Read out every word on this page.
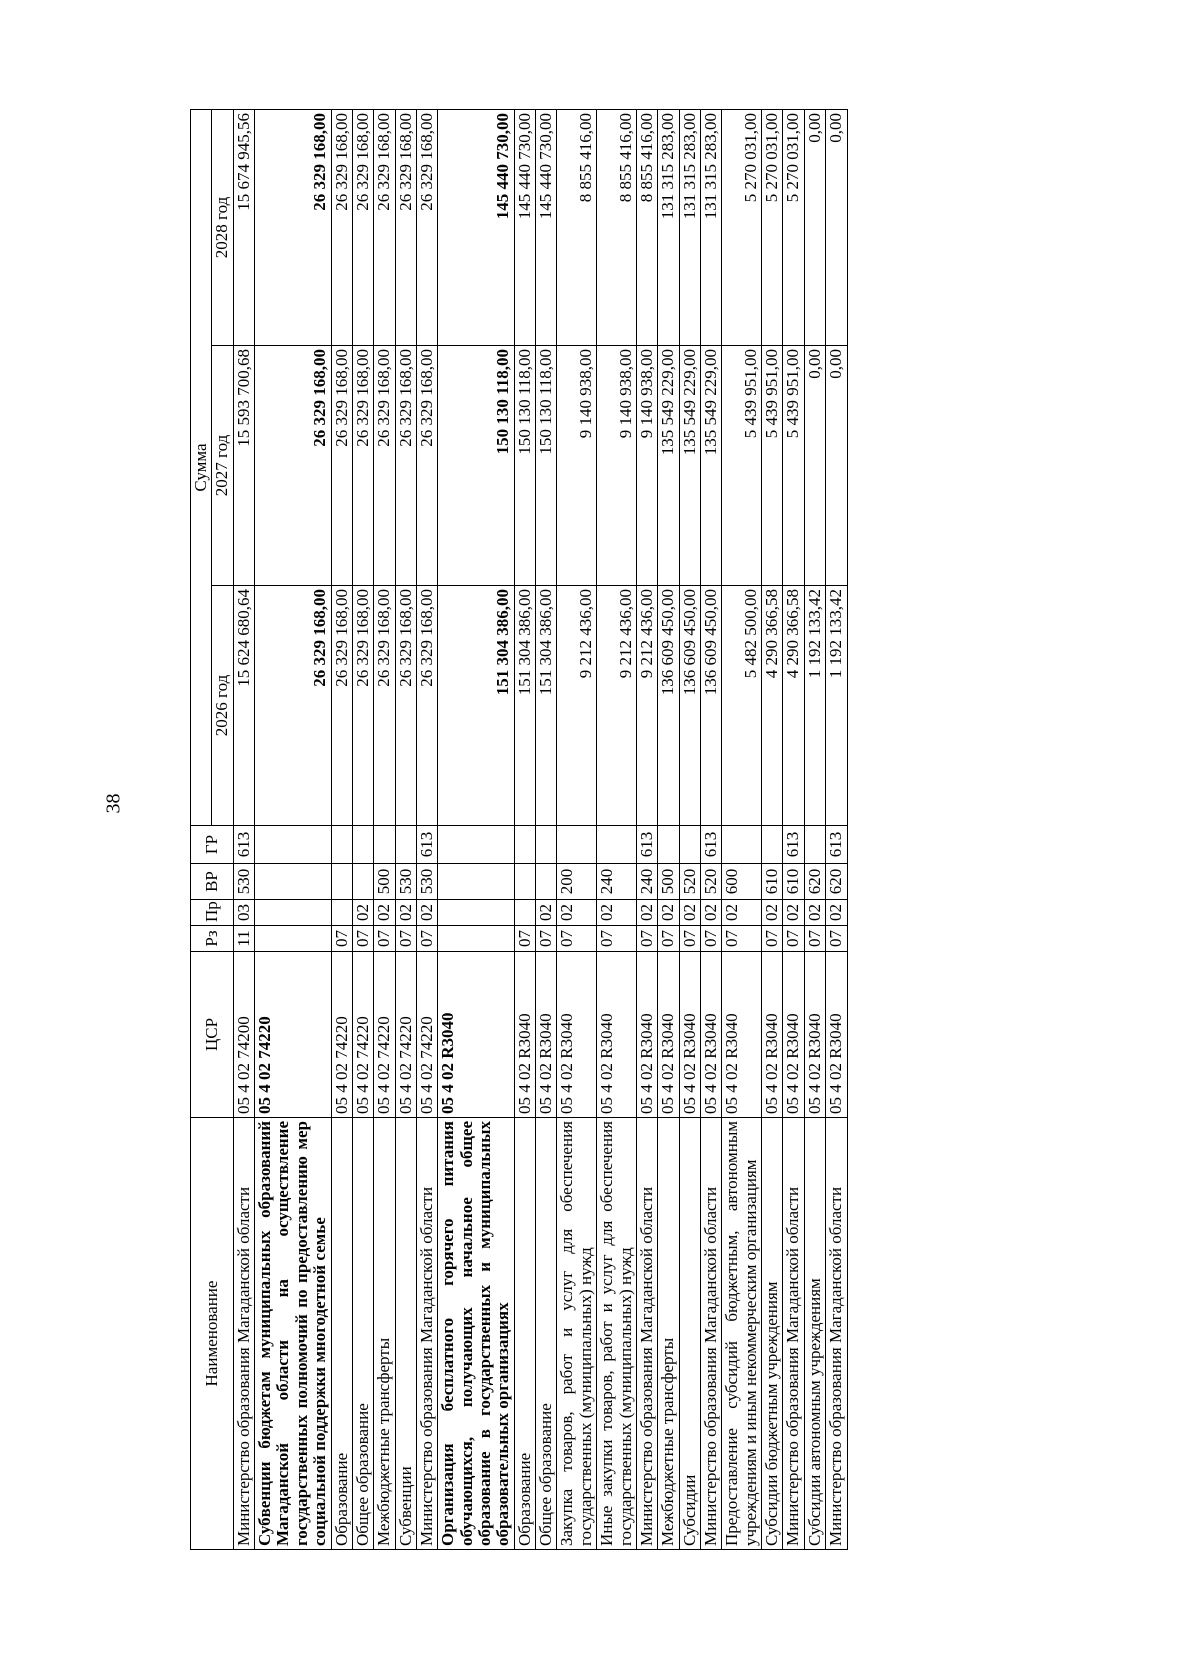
38
Наименование	ЦСР	Рз	Пр	ВР	ГР	Сумма		
						2026 год	2027 год	2028 год
Министерство образования Магаданской области	05 4 02 74200	11	03	530	613	15 624 680,64	15 593 700,68	15 674 945,56
Субвенции бюджетам муниципальных образований Магаданской области на осуществление государственных полномочий по предоставлению мер социальной поддержки многодетной семье	05 4 02 74220					26 329 168,00	26 329 168,00	26 329 168,00
Образование	05 4 02 74220	07				26 329 168,00	26 329 168,00	26 329 168,00
Общее образование	05 4 02 74220	07	02			26 329 168,00	26 329 168,00	26 329 168,00
Межбюджетные трансферты	05 4 02 74220	07	02	500		26 329 168,00	26 329 168,00	26 329 168,00
Субвенции	05 4 02 74220	07	02	530		26 329 168,00	26 329 168,00	26 329 168,00
Министерство образования Магаданской области	05 4 02 74220	07	02	530	613	26 329 168,00	26 329 168,00	26 329 168,00
Организация бесплатного горячего питания обучающихся, получающих начальное общее образование в государственных и муниципальных образовательных организациях	05 4 02 R3040					151 304 386,00	150 130 118,00	145 440 730,00
Образование	05 4 02 R3040	07				151 304 386,00	150 130 118,00	145 440 730,00
Общее образование	05 4 02 R3040	07	02			151 304 386,00	150 130 118,00	145 440 730,00
Закупка товаров, работ и услуг для обеспечения государственных (муниципальных) нужд	05 4 02 R3040	07	02	200		9 212 436,00	9 140 938,00	8 855 416,00
Иные закупки товаров, работ и услуг для обеспечения государственных (муниципальных) нужд	05 4 02 R3040	07	02	240		9 212 436,00	9 140 938,00	8 855 416,00
Министерство образования Магаданской области	05 4 02 R3040	07	02	240	613	9 212 436,00	9 140 938,00	8 855 416,00
Межбюджетные трансферты	05 4 02 R3040	07	02	500		136 609 450,00	135 549 229,00	131 315 283,00
Субсидии	05 4 02 R3040	07	02	520		136 609 450,00	135 549 229,00	131 315 283,00
Министерство образования Магаданской области	05 4 02 R3040	07	02	520	613	136 609 450,00	135 549 229,00	131 315 283,00
Предоставление субсидий бюджетным, автономным учреждениям и иным некоммерческим организациям	05 4 02 R3040	07	02	600		5 482 500,00	5 439 951,00	5 270 031,00
Субсидии бюджетным учреждениям	05 4 02 R3040	07	02	610		4 290 366,58	5 439 951,00	5 270 031,00
Министерство образования Магаданской области	05 4 02 R3040	07	02	610	613	4 290 366,58	5 439 951,00	5 270 031,00
Субсидии автономным учреждениям	05 4 02 R3040	07	02	620		1 192 133,42	0,00	0,00
Министерство образования Магаданской области	05 4 02 R3040	07	02	620	613	1 192 133,42	0,00	0,00
